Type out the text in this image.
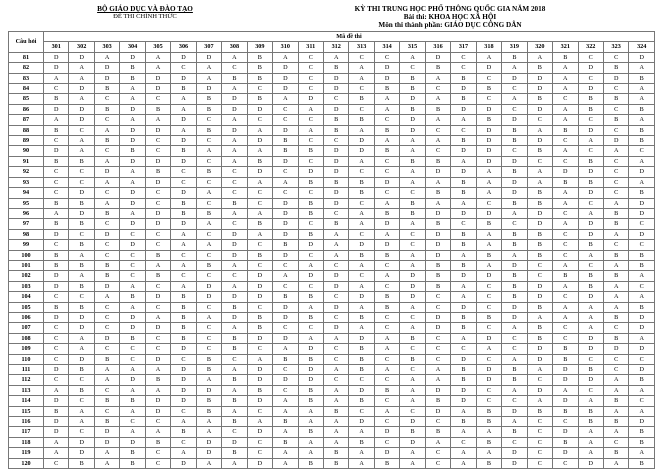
BỘ GIÁO DỤC VÀ ĐÀO TẠO
ĐỀ THI CHÍNH THỨC
KỲ THI TRUNG HỌC PHỔ THÔNG QUỐC GIA NĂM 2018
Bài thi: KHOA HỌC XÃ HỘI
Môn thi thành phần: GIÁO DỤC CÔNG DÂN
Câu hỏi	Mã đề thi																							
	301	302	303	304	305	306	307	308	309	310	311	312	313	314	315	316	317	318	319	320	321	322	323	324
81	D	D	A	D	A	D	D	A	B	A	C	A	C	C	A	D	C	A	B	A	B	C	C	D
82	D	A	D	B	A	C	A	C	B	D	C	B	A	D	C	B	C	D	A	B	A	D	B	A
83	A	A	D	B	D	D	A	B	B	D	C	D	A	D	B	A	B	C	D	D	A	C	D	B
84	C	D	B	A	D	B	D	A	C	D	C	D	C	B	B	C	D	B	C	D	A	D	C	A
85	B	A	C	A	C	A	B	D	B	A	D	C	B	A	D	A	B	C	A	B	C	B	B	A
86	D	D	B	D	B	A	B	D	D	C	A	D	C	A	B	B	D	D	C	D	A	B	C	B
87	A	D	C	A	A	D	C	A	C	C	C	B	B	C	D	A	A	B	D	C	A	C	B	A
88	B	C	A	D	D	A	B	D	A	D	A	B	A	B	D	C	C	D	B	A	B	D	C	B
89	C	A	B	D	C	D	C	A	D	B	C	C	D	A	A	A	B	D	B	D	C	A	D	B
90	D	A	C	B	C	B	A	A	A	B	B	D	D	B	A	C	D	D	C	B	A	C	A	C
91	B	B	A	D	D	D	C	A	B	D	C	D	A	C	B	B	A	D	D	C	C	B	C	A
92	C	C	D	A	B	C	B	C	D	C	D	D	C	C	A	D	D	A	B	A	D	D	C	D
93	C	C	A	A	D	C	C	C	A	A	B	B	B	D	A	A	B	A	D	A	B	B	C	A
94	C	D	C	D	C	D	A	C	C	C	C	D	B	C	C	B	B	A	D	B	A	D	C	B
95	B	B	A	D	C	B	C	B	C	D	B	D	C	A	B	A	A	C	B	B	A	C	A	D
96	A	D	B	A	D	B	B	A	A	D	B	C	A	B	B	D	D	D	A	D	C	A	B	D
97	B	B	C	D	D	D	A	C	B	D	C	B	A	D	A	B	C	B	C	D	A	D	B	C
98	D	C	D	C	C	A	C	D	A	D	B	A	C	A	C	D	B	A	B	B	C	D	A	D
99	C	B	C	D	C	A	A	D	C	B	D	A	D	D	C	D	B	A	B	B	C	B	C	C
100	B	A	C	C	B	C	C	D	B	D	C	A	B	B	A	D	A	B	A	B	C	A	B	B
101	B	B	B	C	A	A	B	A	C	C	A	C	A	C	A	B	B	A	D	C	A	C	A	B
102	D	A	B	C	B	C	C	C	D	A	D	D	C	A	D	B	D	D	B	C	B	B	B	A
103	D	B	D	A	C	A	D	A	D	C	C	D	A	C	D	B	A	C	B	D	A	B	A	C
104	C	C	A	B	D	B	D	D	D	B	B	C	D	B	D	C	A	C	B	D	C	D	A	A
105	B	B	C	A	C	B	C	B	C	D	A	D	A	B	A	C	D	C	D	B	A	A	A	B
106	D	D	C	D	A	B	A	D	B	D	B	C	B	C	C	D	B	B	D	A	A	A	B	D
107	C	D	C	D	D	B	C	A	B	C	C	D	A	C	A	D	B	C	A	B	C	A	C	D
108	C	A	D	B	C	B	C	B	D	D	A	A	D	A	B	C	A	D	C	B	C	D	B	A
109	C	A	C	C	C	D	C	B	C	A	D	C	B	A	C	C	C	A	C	D	B	D	D	D
110	C	D	B	C	D	C	B	C	A	B	B	C	B	C	B	C	D	C	A	D	B	C	C	C
111	D	B	A	A	A	D	B	A	D	C	D	A	B	A	C	A	B	D	B	A	D	B	C	D
112	C	C	A	D	B	D	A	B	D	D	D	C	C	C	A	A	B	D	B	C	D	D	A	B
113	A	B	C	A	A	D	D	A	B	C	B	A	D	B	A	D	D	C	A	D	A	C	A	A
114	D	C	B	B	D	D	B	B	D	A	B	A	B	C	A	B	D	C	C	A	D	A	B	C
115	B	A	C	A	D	C	B	A	C	A	A	B	C	A	C	D	A	B	D	B	B	B	A	A
116	D	A	B	C	C	A	A	B	A	B	A	A	D	C	D	C	B	B	A	C	C	B	B	D
117	D	C	D	A	A	B	A	C	D	A	B	A	A	D	B	B	A	A	B	C	D	A	A	B
118	A	D	D	D	B	C	D	D	C	B	A	A	B	C	D	A	C	B	C	C	B	A	C	B
119	A	D	A	B	C	A	D	B	C	A	A	B	A	D	A	C	A	A	D	C	D	A	B	A
120	C	B	A	B	C	D	A	A	D	A	B	B	A	B	A	C	A	B	D	C	C	D	A	B
